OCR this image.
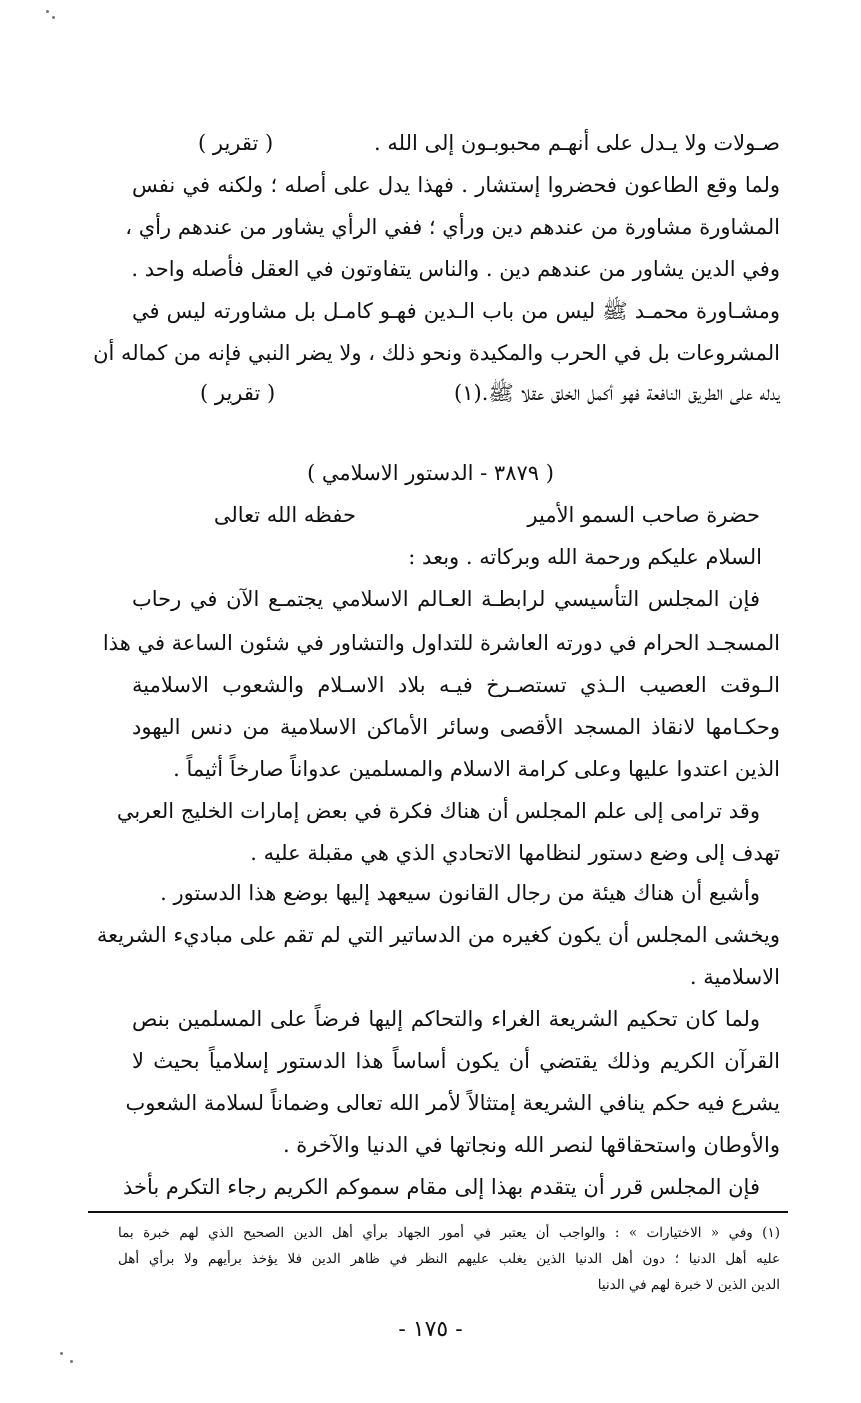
صـولات ولا يـدل على أنهـم محبوبـون إلى الله .
( تقرير )
ولما وقع الطاعون فحضروا إستشار . فهذا يدل على أصله ؛ ولكنه في نفس
المشاورة مشاورة من عندهم دين ورأي ؛ ففي الرأي يشاور من عندهم رأي ،
وفي الدين يشاور من عندهم دين . والناس يتفاوتون في العقل فأصله واحد .
ومشـاورة محمـد ﷺ ليس من باب الـدين فهـو كامـل بل مشاورته ليس في
المشروعات بل في الحرب والمكيدة ونحو ذلك ، ولا يضر النبي فإنه من كماله أن
يدله على الطريق النافعة فهو أكمل الخلق عقلا ﷺ.(١)
( تقرير )
( ٣٨٧٩ - الدستور الاسلامي )
حضرة صاحب السمو الأمير
حفظه الله تعالى
السلام عليكم ورحمة الله وبركاته . وبعد :
فإن المجلس التأسيسي لرابطـة العـالم الاسلامي يجتمـع الآن في رحاب
المسجـد الحرام في دورته العاشرة للتداول والتشاور في شئون الساعة في هذا
الـوقت العصيب الـذي تستصـرخ فيـه بلاد الاسـلام والشعوب الاسلامية
وحكـامها لانقاذ المسجد الأقصى وسائر الأماكن الاسلامية من دنس اليهود
الذين اعتدوا عليها وعلى كرامة الاسلام والمسلمين عدواناً صارخاً أثيماً .
وقد ترامى إلى علم المجلس أن هناك فكرة في بعض إمارات الخليج العربي
تهدف إلى وضع دستور لنظامها الاتحادي الذي هي مقبلة عليه .
وأشيع أن هناك هيئة من رجال القانون سيعهد إليها بوضع هذا الدستور .
ويخشى المجلس أن يكون كغيره من الدساتير التي لم تقم على مباديء الشريعة
الاسلامية .
ولما كان تحكيم الشريعة الغراء والتحاكم إليها فرضاً على المسلمين بنص
القرآن الكريم وذلك يقتضي أن يكون أساساً هذا الدستور إسلامياً بحيث لا
يشرع فيه حكم ينافي الشريعة إمتثالاً لأمر الله تعالى وضماناً لسلامة الشعوب
والأوطان واستحقاقها لنصر الله ونجاتها في الدنيا والآخرة .
فإن المجلس قرر أن يتقدم بهذا إلى مقام سموكم الكريم رجاء التكرم بأخذ
(١) وفي « الاختيارات » : والواجب أن يعتبر في أمور الجهاد برأي أهل الدين الصحيح الذي لهم خبرة بما
عليه أهل الدنيا ؛ دون أهل الدنيا الذين يغلب عليهم النظر في ظاهر الدين فلا يؤخذ برأيهم ولا برأي أهل
الدين الذين لا خبرة لهم في الدنيا
- ١٧٥ -
